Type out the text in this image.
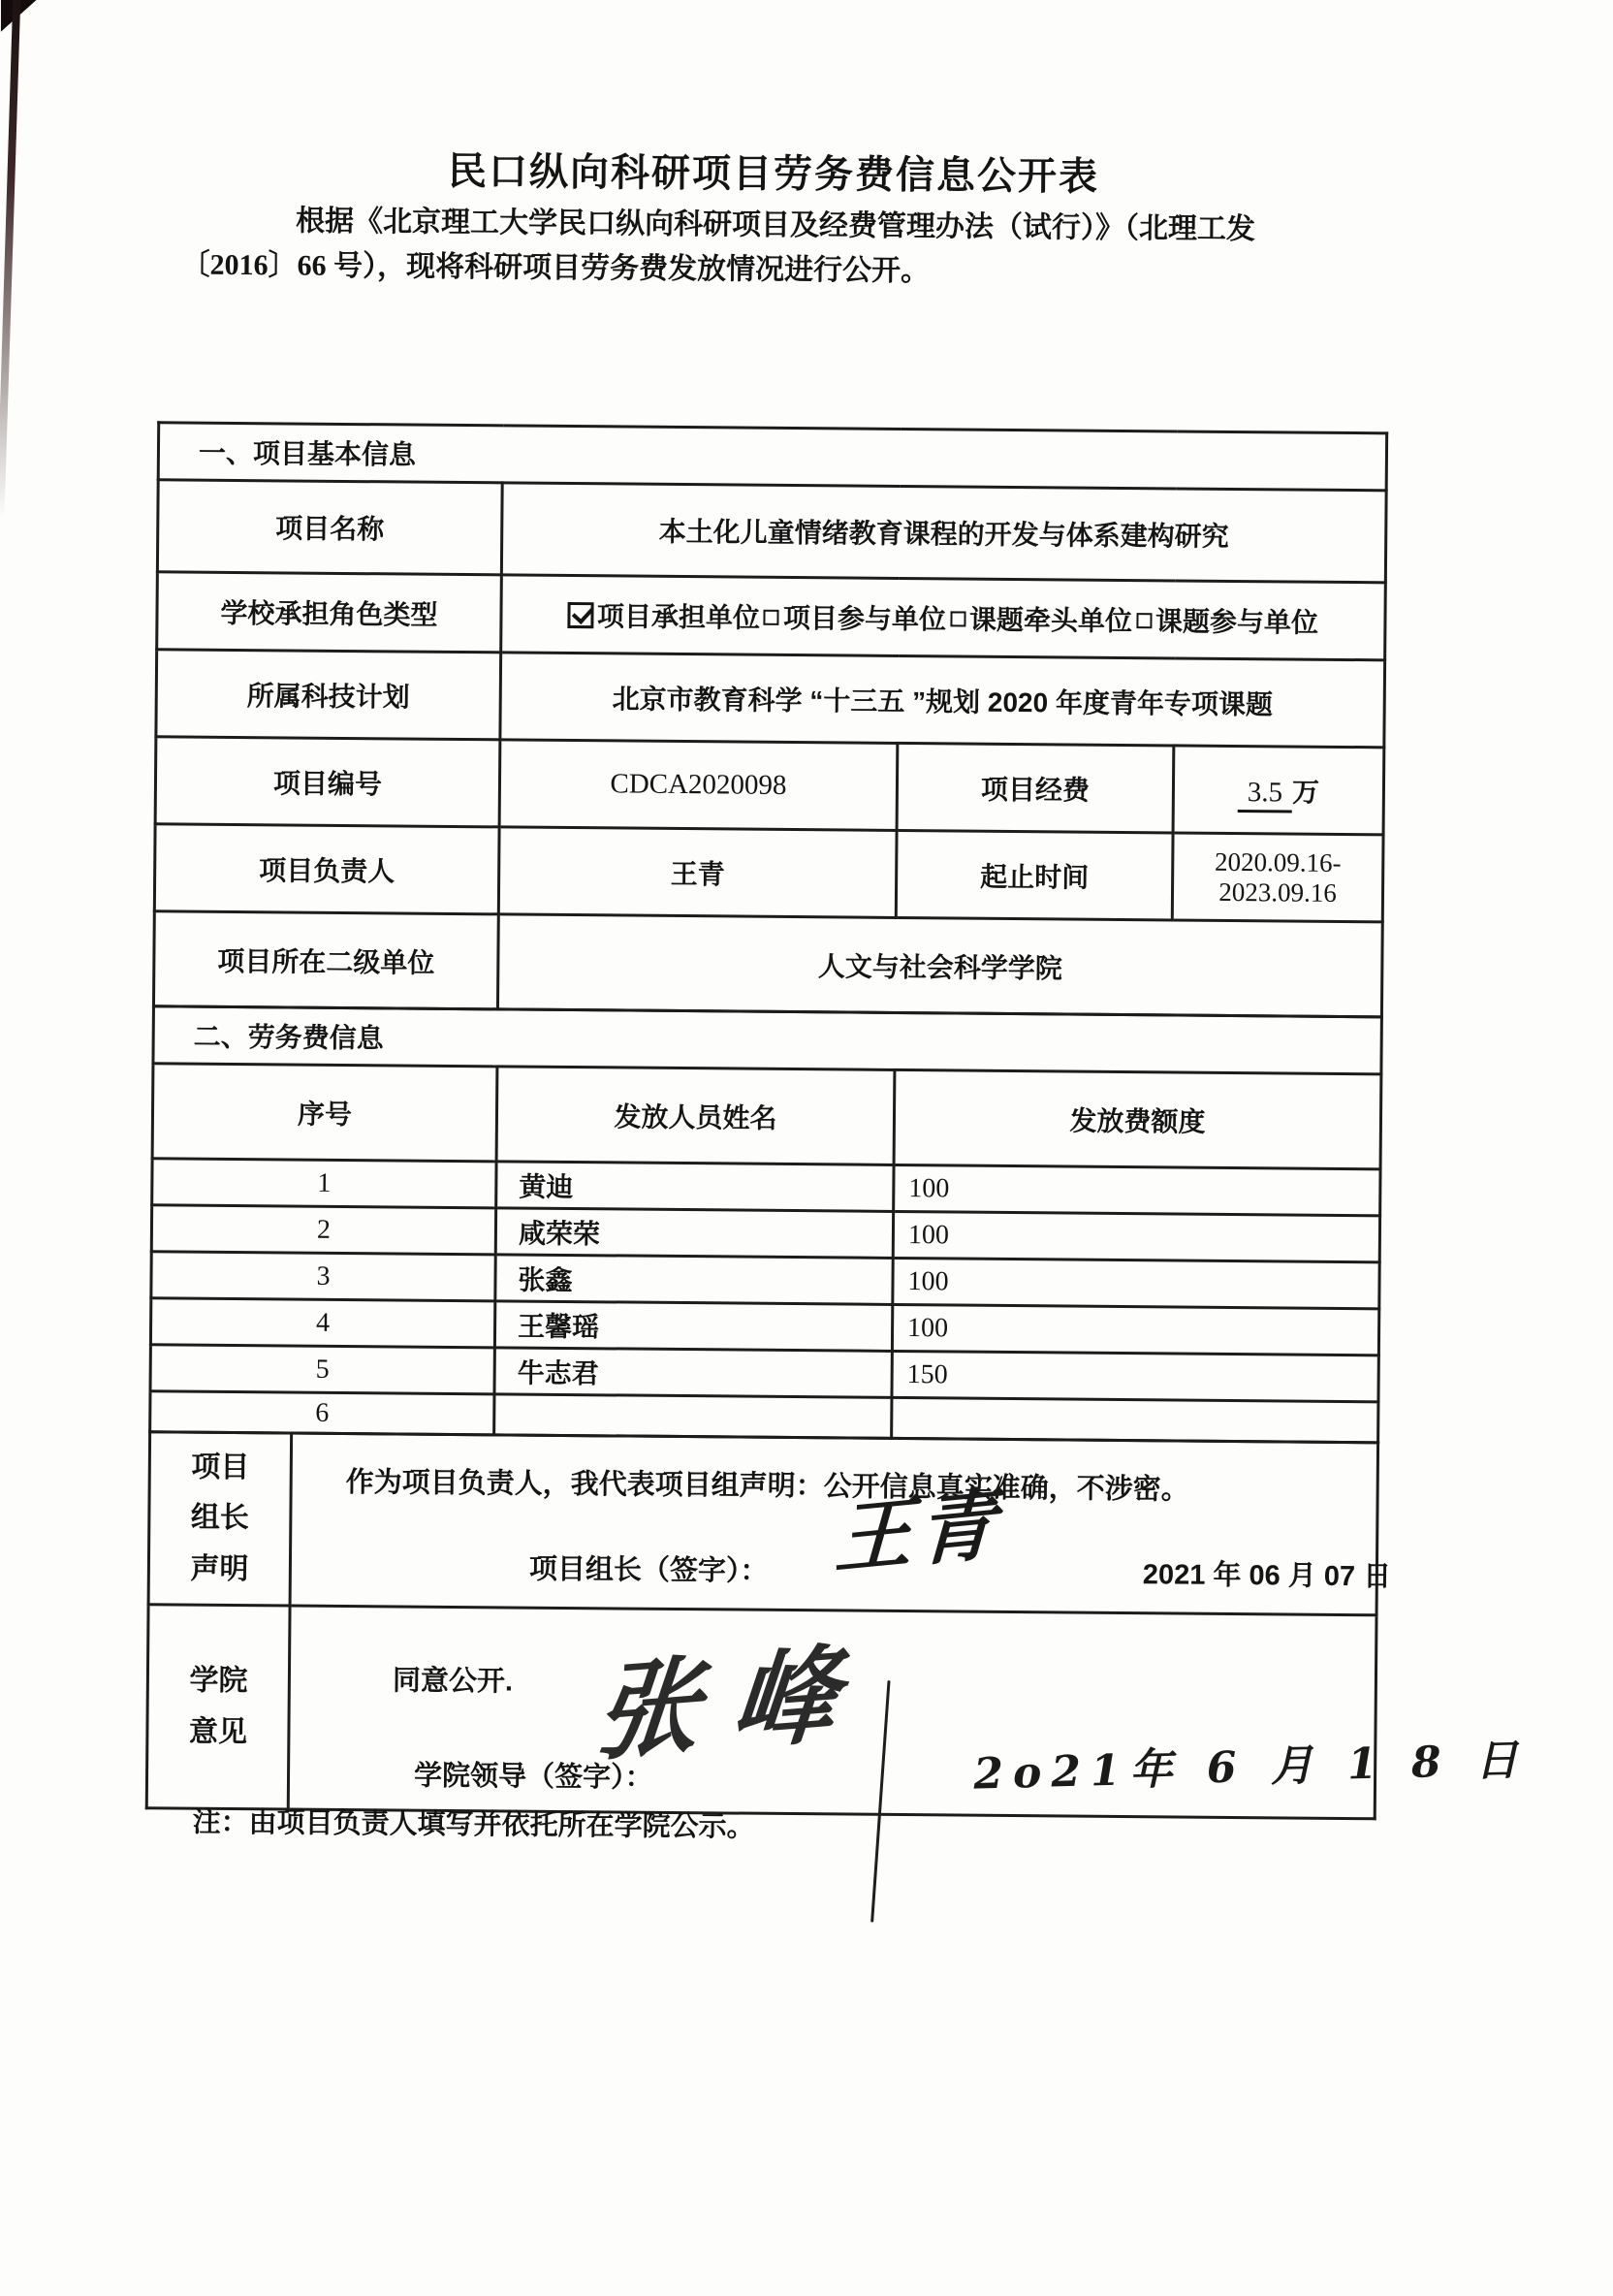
民口纵向科研项目劳务费信息公开表
根据《北京理工大学民口纵向科研项目及经费管理办法（试行）》（北理工发
〔2016〕66 号），现将科研项目劳务费发放情况进行公开。
一、项目基本信息			
项目名称	本土化儿童情绪教育课程的开发与体系建构研究		
学校承担角色类型	项目承担单位 项目参与单位 课题牵头单位 课题参与单位		
所属科技计划	北京市教育科学 “十三五 ”规划 2020 年度青年专项课题		
项目编号	CDCA2020098	项目经费	3.5 万
项目负责人	王青	起止时间	2020.09.16-2023.09.16
项目所在二级单位	人文与社会科学学院		
二、劳务费信息		
序号	发放人员姓名	发放费额度
1	黄迪	100
2	咸荣荣	100
3	张鑫	100
4	王馨瑶	100
5	牛志君	150
6		
项目组长声明	作为项目负责人，我代表项目组声明：公开信息真实准确，不涉密。
项目组长（签字）： 王青 2021 年 06 月 07 日

学院意见	同意公开.
学院领导（签字）：
张峰 2o21年 6 月 1 8 日
注：由项目负责人填写并依托所在学院公示。
